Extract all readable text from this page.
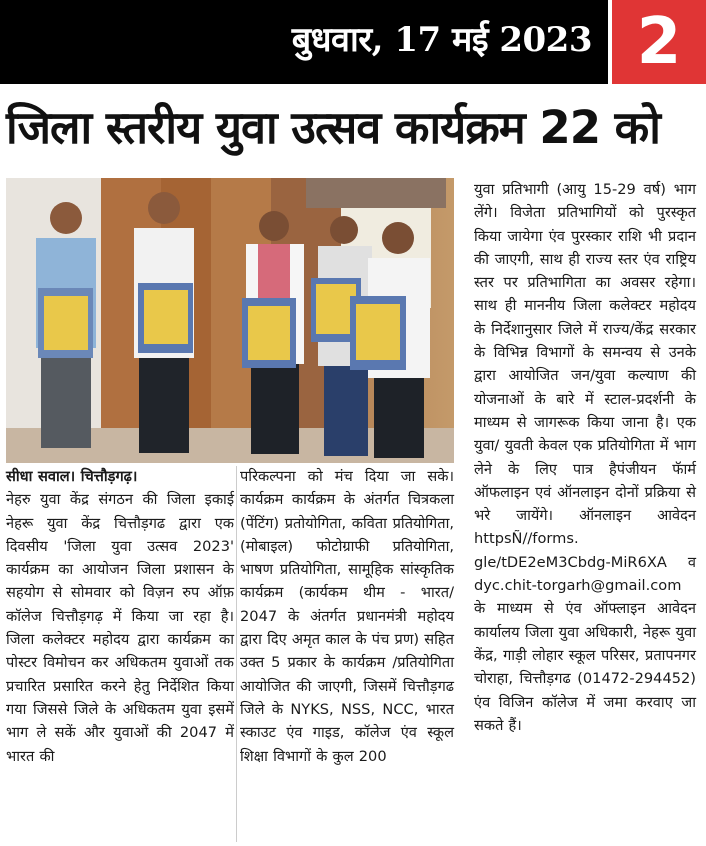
बुधवार, 17 मई 2023 2
जिला स्तरीय युवा उत्सव कार्यक्रम 22 को

सीधा सवाल। चित्तौड़गढ़।

नेहरु युवा केंद्र संगठन की जिला इकाई नेहरू युवा केंद्र चित्तौड़गढ द्वारा एक दिवसीय 'जिला युवा उत्सव 2023' कार्यक्रम का आयोजन जिला प्रशासन के सहयोग से सोमवार को विज़न रुप ऑफ़ कॉलेज चित्तौड़गढ़ में किया जा रहा है। जिला कलेक्टर महोदय द्वारा कार्यक्रम का पोस्टर विमोचन कर अधिकतम युवाओं तक प्रचारित प्रसारित करने हेतु निर्देशित किया गया जिससे जिले के अधिकतम युवा इसमें भाग ले सकें और युवाओं की 2047 में भारत की

परिकल्पना को मंच दिया जा सके। कार्यक्रम कार्यक्रम के अंतर्गत चित्रकला (पेंटिंग) प्रतोयोगिता, कविता प्रतियोगिता, (मोबाइल) फोटोग्राफी प्रतियोगिता, भाषण प्रतियोगिता, सामूहिक सांस्कृतिक कार्यक्रम (कार्यकम थीम - भारत/ 2047 के अंतर्गत प्रधानमंत्री महोदय द्वारा दिए अमृत काल के पंच प्रण) सहित उक्त 5 प्रकार के कार्यक्रम /प्रतियोगिता आयोजित की जाएगी, जिसमें चित्तौड़गढ जिले के NYKS, NSS, NCC, भारत स्काउट एंव गाइड, कॉलेज एंव स्कूल शिक्षा विभागों के कुल 200

युवा प्रतिभागी (आयु 15-29 वर्ष) भाग लेंगे। विजेता प्रतिभागियों को पुरस्कृत किया जायेगा एंव पुरस्कार राशि भी प्रदान की जाएगी, साथ ही राज्य स्तर एंव राष्ट्रिय स्तर पर प्रतिभागिता का अवसर रहेगा। साथ ही माननीय जिला कलेक्टर महोदय के निर्देशानुसार जिले में राज्य/केंद्र सरकार के विभिन्न विभागों के समन्वय से उनके द्वारा आयोजित जन/युवा कल्याण की योजनाओं के बारे में स्टाल-प्रदर्शनी के माध्यम से जागरूक किया जाना है। एक युवा/ युवती केवल एक प्रतियोगिता में भाग लेने के लिए पात्र हैपंजीयन फॅार्म ऑफलाइन एवं ऑनलाइन दोनों प्रक्रिया से भरे जायेंगे। ऑनलाइन आवेदन httpsÑ//forms. gle/tDE2eM3Cbdg-MiR6XA व dyc.chit-torgarh@gmail.com के माध्यम से एंव ऑफ्लाइन आवेदन कार्यालय जिला युवा अधिकारी, नेहरू युवा केंद्र, गाड़ी लोहार स्कूल परिसर, प्रतापनगर चोराहा, चित्तौड़गढ (01472-294452) एंव विजिन कॉलेज में जमा करवाए जा सकते हैं।
